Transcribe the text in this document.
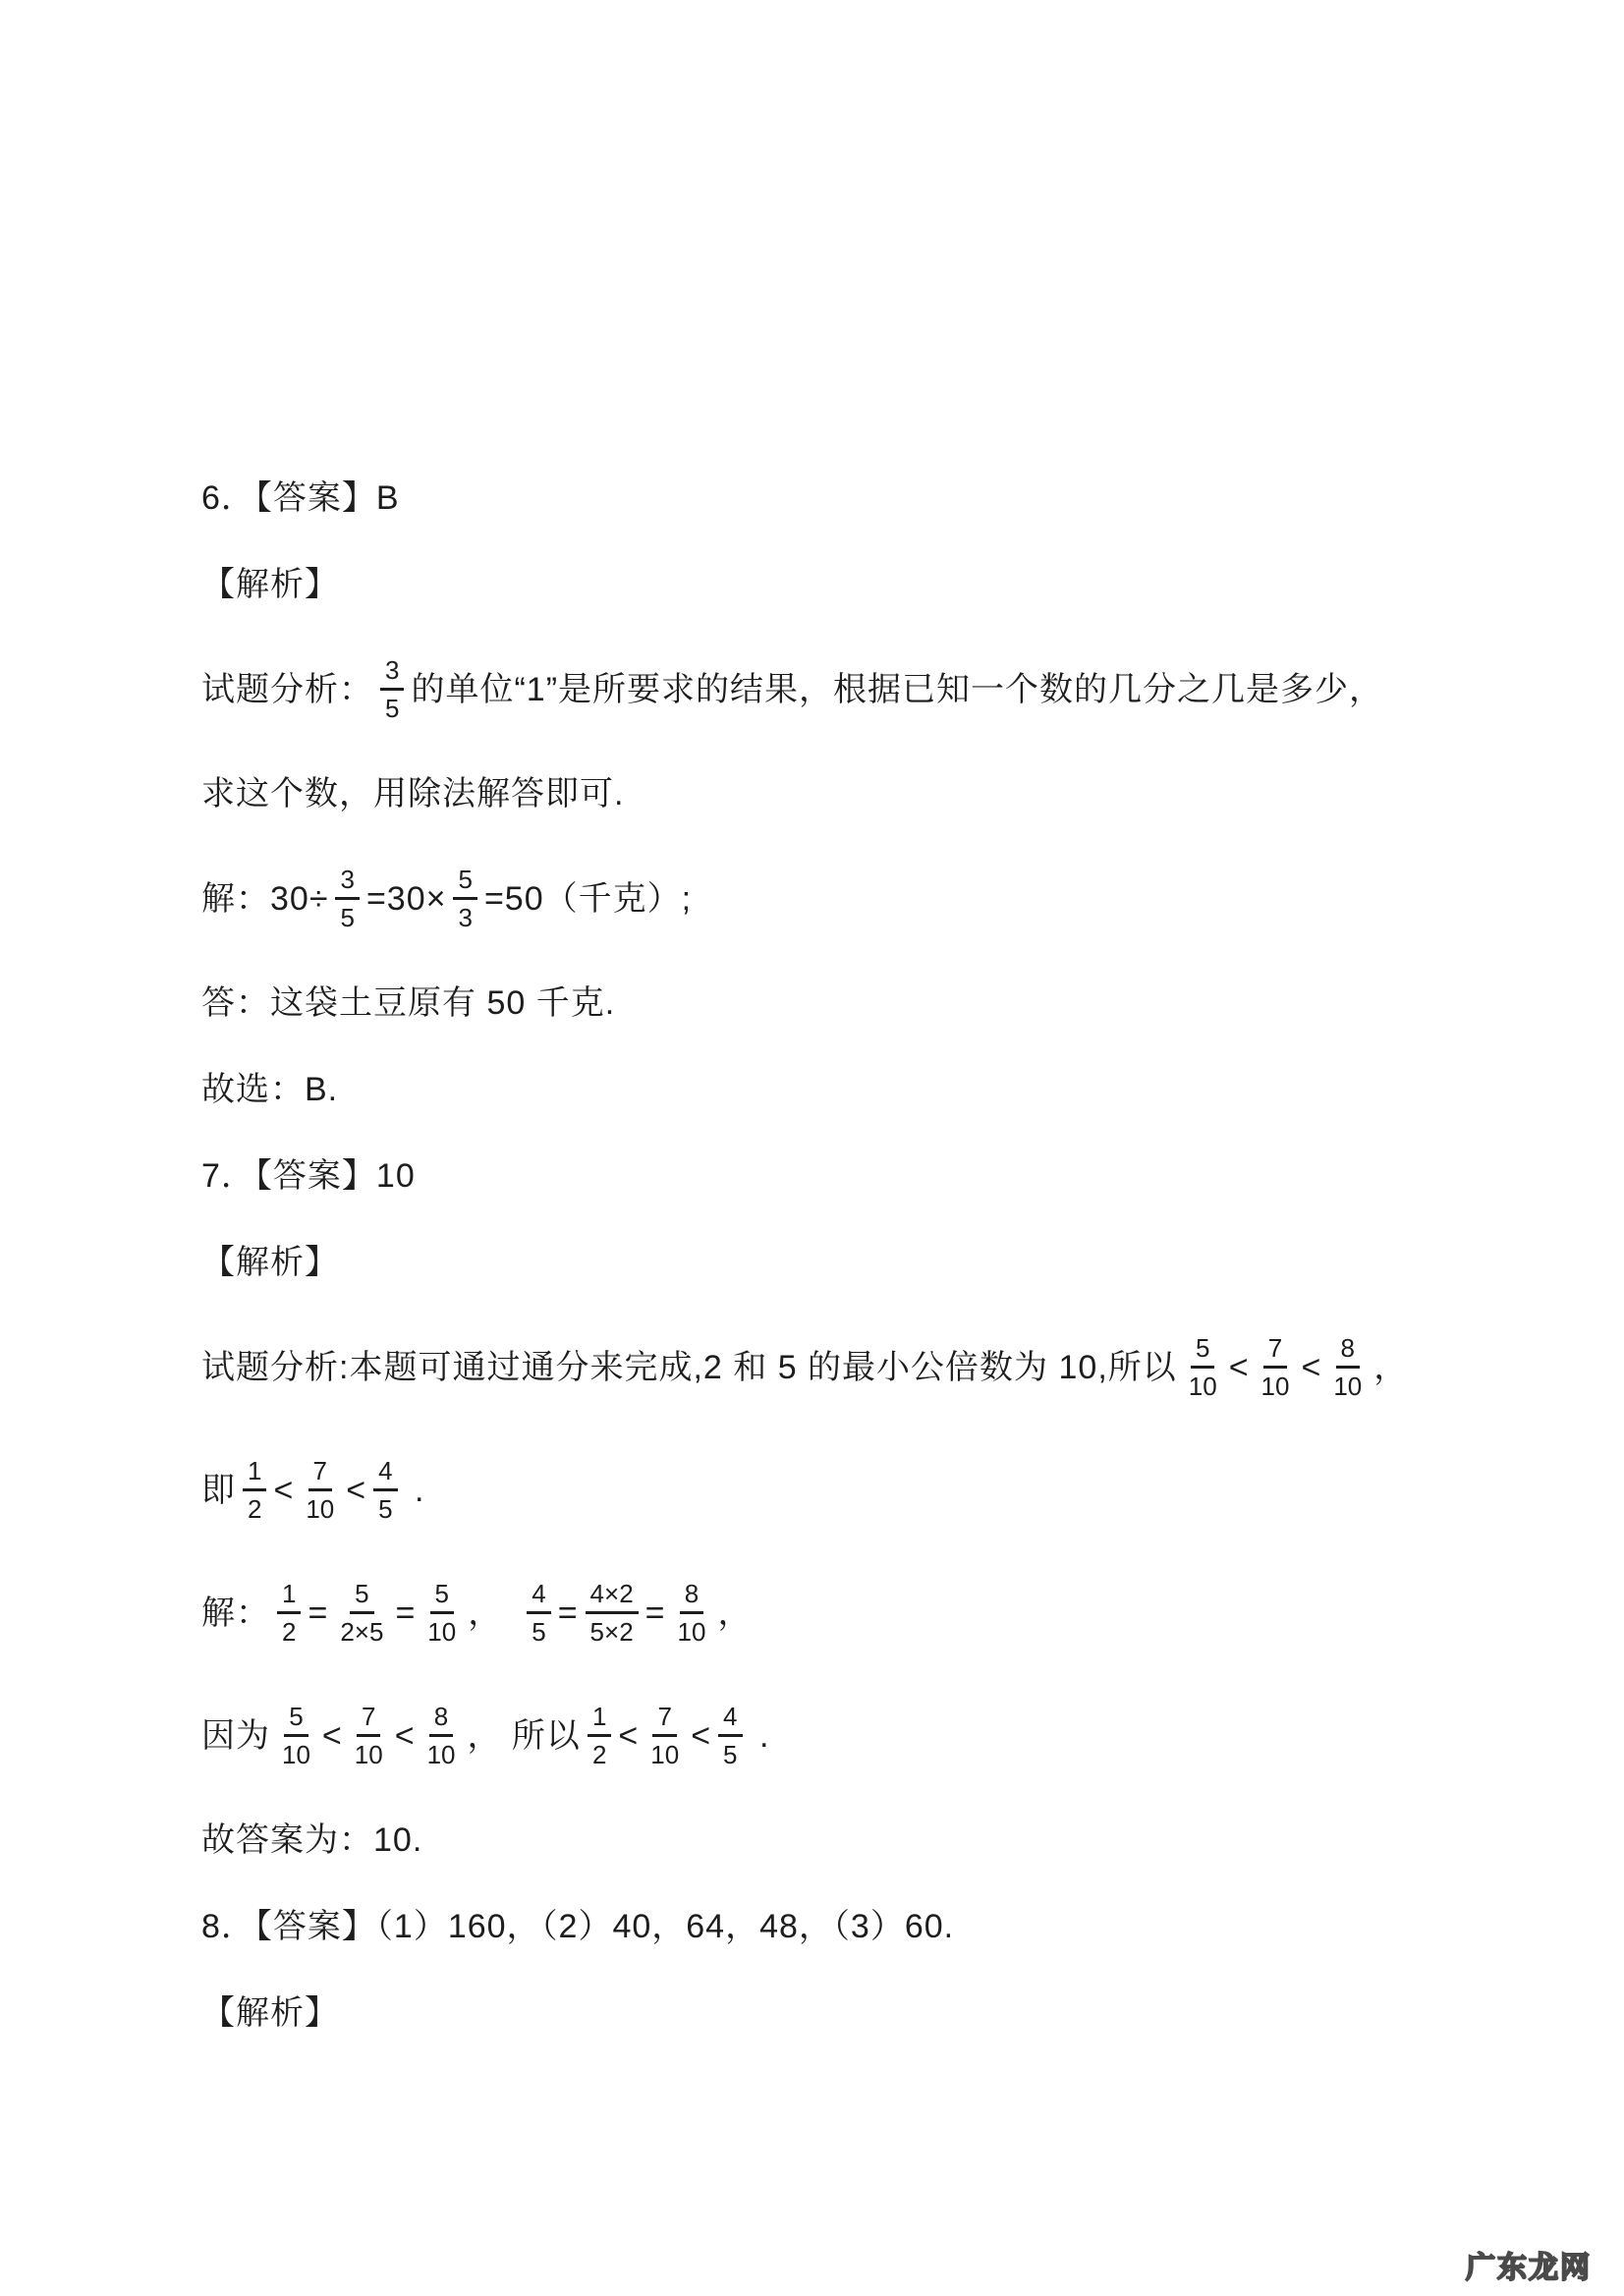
6．【答案】B
【解析】
试题分析： $\frac{3}{5}$ 的单位“1”是所要求的结果，根据已知一个数的几分之几是多少，
求这个数，用除法解答即可.
解：$30\div \frac{3}{5} =30\times \frac{5}{3} =50$（千克）;
答：这袋土豆原有 50 千克.
故选：B.
7．【答案】10
【解析】
试题分析:本题可通过通分来完成,2 和 5 的最小公倍数为 10,所以 $\frac{5}{10} < \frac{7}{10} < \frac{8}{10}$ ，
即 $\frac{1}{2} < \frac{7}{10} < \frac{4}{5}$ .
解： $\frac{1}{2} = \frac{5}{2\times 5} = \frac{5}{10}$ ，　 $\frac{4}{5} = \frac{4\times 2}{5\times 2} = \frac{8}{10}$ ，
因为 $\frac{5}{10} < \frac{7}{10} < \frac{8}{10}$ ， 所以 $\frac{1}{2} < \frac{7}{10} < \frac{4}{5}$ .
故答案为：10.
8．【答案】（1）160，（2）40，64，48，（3）60.
【解析】
广东龙网
